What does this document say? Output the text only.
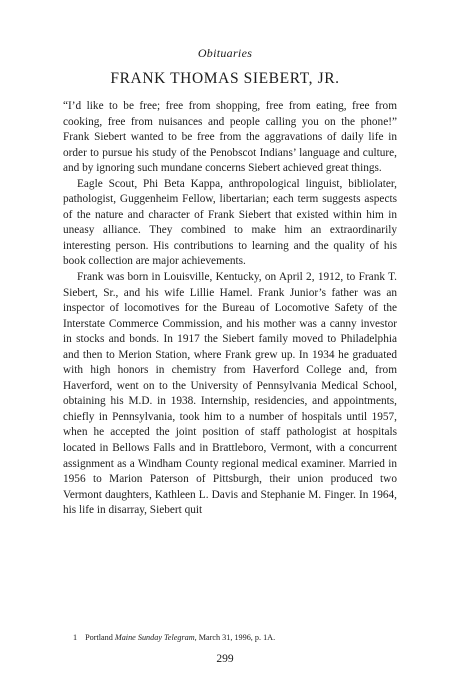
Obituaries
FRANK THOMAS SIEBERT, JR.

“I’d like to be free; free from shopping, free from eating, free from cooking, free from nuisances and people calling you on the phone!” Frank Siebert wanted to be free from the aggravations of daily life in order to pursue his study of the Penobscot Indians’ language and culture, and by ignoring such mundane concerns Siebert achieved great things.

Eagle Scout, Phi Beta Kappa, anthropological linguist, bibliolater, pathologist, Guggenheim Fellow, libertarian; each term suggests aspects of the nature and character of Frank Siebert that existed within him in uneasy alliance. They combined to make him an extraordinarily interesting person. His contributions to learning and the quality of his book collection are major achievements.

Frank was born in Louisville, Kentucky, on April 2, 1912, to Frank T. Siebert, Sr., and his wife Lillie Hamel. Frank Junior’s father was an inspector of locomotives for the Bureau of Locomotive Safety of the Interstate Commerce Commission, and his mother was a canny investor in stocks and bonds. In 1917 the Siebert family moved to Philadelphia and then to Merion Station, where Frank grew up. In 1934 he graduated with high honors in chemistry from Haverford College and, from Haverford, went on to the University of Pennsylvania Medical School, obtaining his M.D. in 1938. Internship, residencies, and appointments, chiefly in Pennsylvania, took him to a number of hospitals until 1957, when he accepted the joint position of staff pathologist at hospitals located in Bellows Falls and in Brattleboro, Vermont, with a concurrent assignment as a Windham County regional medical examiner. Married in 1956 to Marion Paterson of Pittsburgh, their union produced two Vermont daughters, Kathleen L. Davis and Stephanie M. Finger. In 1964, his life in disarray, Siebert quit

1 Portland Maine Sunday Telegram, March 31, 1996, p. 1A.
299
